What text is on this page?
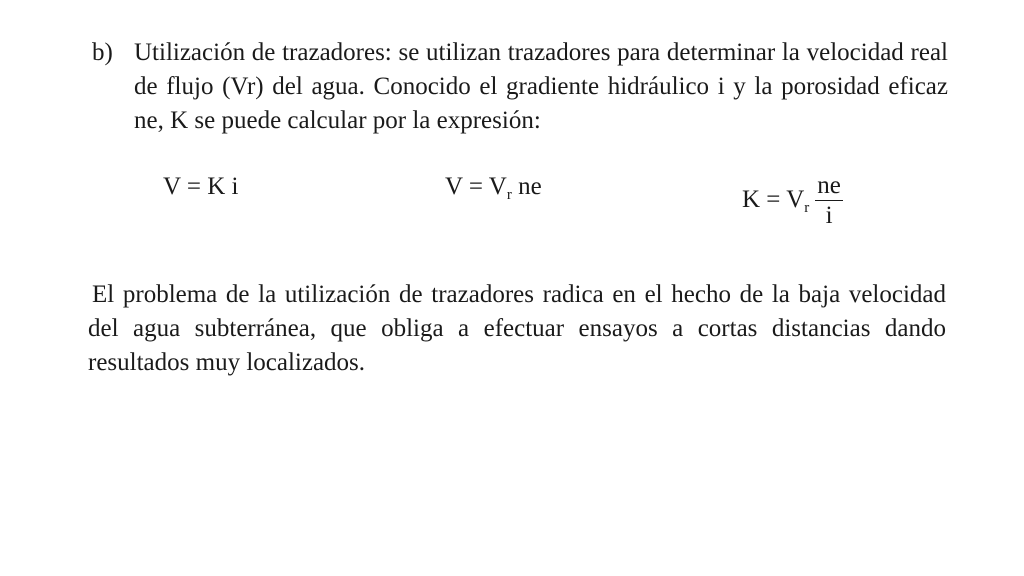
b) Utilización de trazadores: se utilizan trazadores para determinar la velocidad real de flujo (Vr) del agua. Conocido el gradiente hidráulico i y la porosidad eficaz ne, K se puede calcular por la expresión:
V = K i	$V = V_r$ ne	$K = V_r \frac{ne}{i}$
El problema de la utilización de trazadores radica en el hecho de la baja velocidad del agua subterránea, que obliga a efectuar ensayos a cortas distancias dando resultados muy localizados.
